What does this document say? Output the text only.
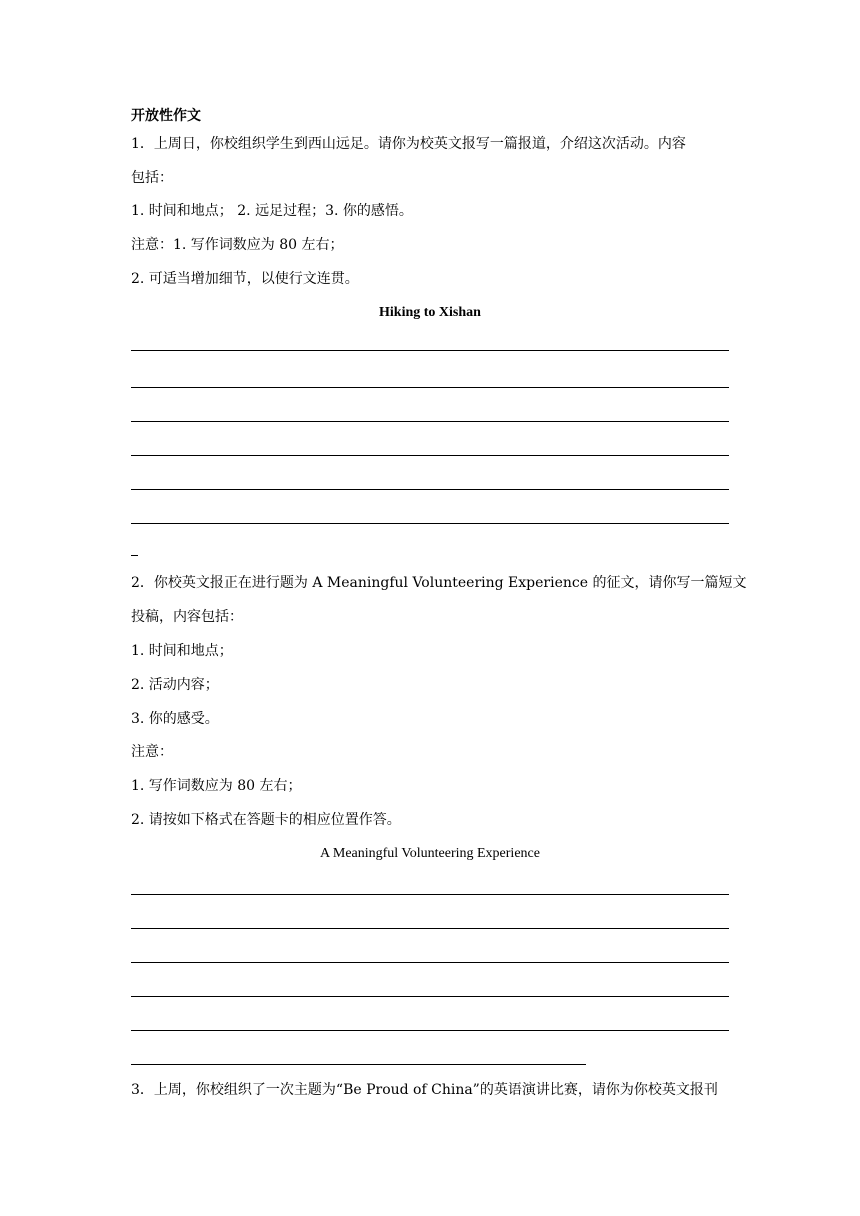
开放性作文
1．上周日，你校组织学生到西山远足。请你为校英文报写一篇报道，介绍这次活动。内容
包括：
1. 时间和地点； 2. 远足过程；3. 你的感悟。
注意：1. 写作词数应为 80 左右；
2. 可适当增加细节，以使行文连贯。
Hiking to Xishan
2．你校英文报正在进行题为 A Meaningful Volunteering Experience 的征文，请你写一篇短文
投稿，内容包括：
1. 时间和地点；
2. 活动内容；
3. 你的感受。
注意：
1. 写作词数应为 80 左右；
2. 请按如下格式在答题卡的相应位置作答。
A Meaningful Volunteering Experience
3．上周，你校组织了一次主题为“Be Proud of China”的英语演讲比赛，请你为你校英文报刊
